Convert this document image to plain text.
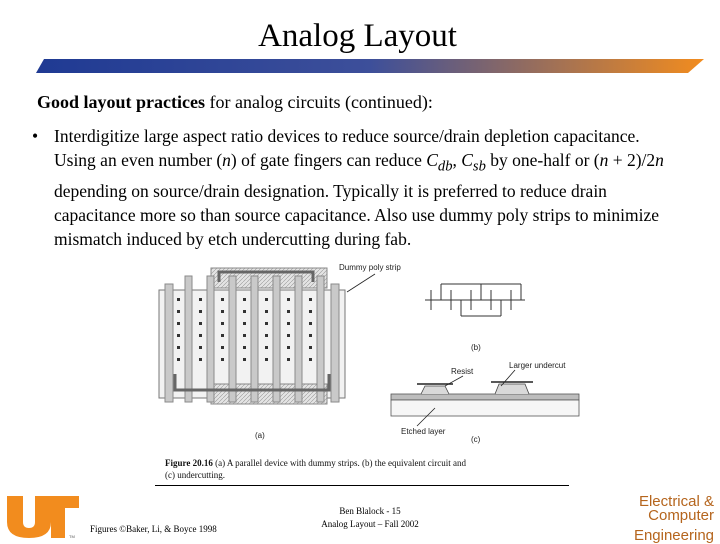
Analog Layout
Good layout practices for analog circuits (continued):
• Interdigitize large aspect ratio devices to reduce source/drain depletion capacitance. Using an even number (n) of gate fingers can reduce $C_{db}$, $C_{sb}$ by one-half or (n + 2)/2n depending on source/drain designation. Typically it is preferred to reduce drain capacitance more so than source capacitance. Also use dummy poly strips to minimize mismatch induced by etch undercutting during fab.
(a)
Dummy poly strip
(b)
Resist
Larger undercut
Etched layer
(c)
Figure 20.16 (a) A parallel device with dummy strips. (b) the equivalent circuit and
(c) undercutting.
TM
Figures ©Baker, Li, & Boyce 1998
Ben Blalock - 15
Analog Layout – Fall 2002
Electrical &
Computer
Engineering
